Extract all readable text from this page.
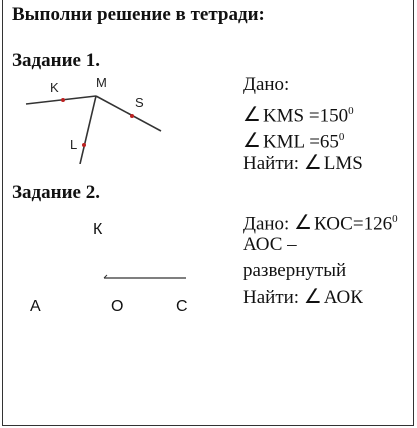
Выполни решение в тетради:
Задание 1.
K	M
S
L
Дано:
∠ KMS $=150^0$
∠ KML $=65^0$
Найти: ∠ LMS
Задание 2.
К
А	О	С
Дано: ∠ $КОС=126^0$
АОС –
развернутый
Найти: ∠ АОК
